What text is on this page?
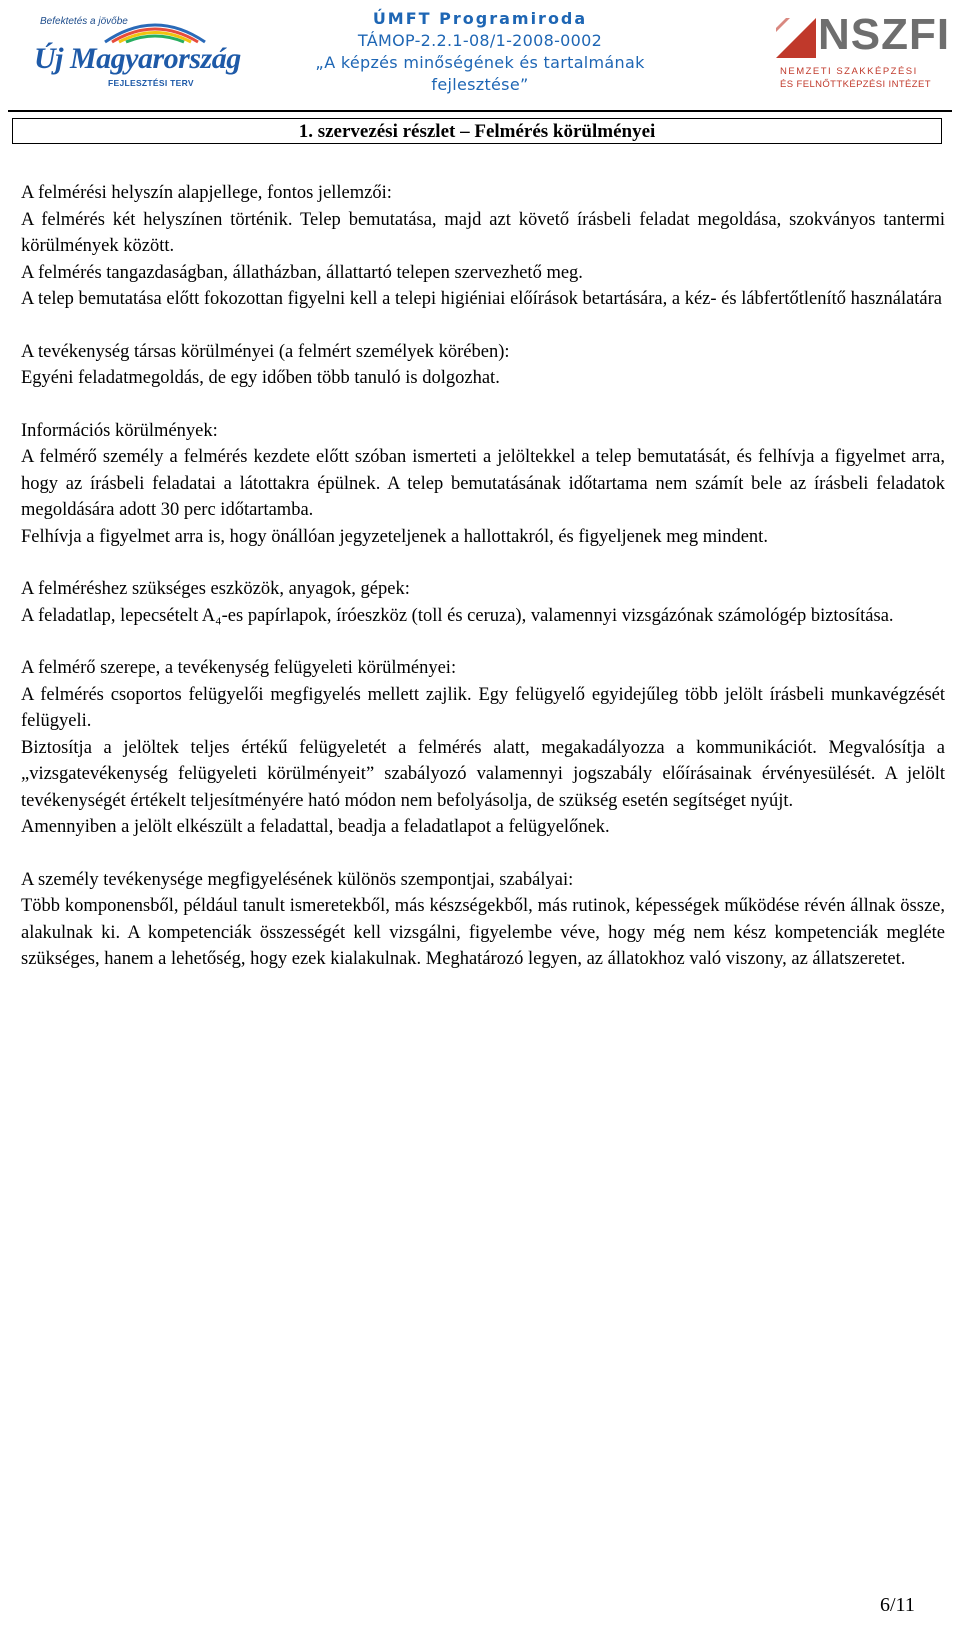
Befektetés a jövőbe
Új Magyarország
FEJLESZTÉSI TERV
ÚMFT Programiroda
TÁMOP-2.2.1-08/1-2008-0002
„A képzés minőségének és tartalmának
fejlesztése”
NSZFI
NEMZETI SZAKKÉPZÉSI
ÉS FELNŐTTKÉPZÉSI INTÉZET
1. szervezési részlet – Felmérés körülményei

A felmérési helyszín alapjellege, fontos jellemzői:

A felmérés két helyszínen történik. Telep bemutatása, majd azt követő írásbeli feladat megoldása, szokványos tantermi körülmények között.

A felmérés tangazdaságban, állatházban, állattartó telepen szervezhető meg.

A telep bemutatása előtt fokozottan figyelni kell a telepi higiéniai előírások betartására, a kéz- és lábfertőtlenítő használatára

A tevékenység társas körülményei (a felmért személyek körében):

Egyéni feladatmegoldás, de egy időben több tanuló is dolgozhat.

Információs körülmények:

A felmérő személy a felmérés kezdete előtt szóban ismerteti a jelöltekkel a telep bemutatását, és felhívja a figyelmet arra, hogy az írásbeli feladatai a látottakra épülnek. A telep bemutatásának időtartama nem számít bele az írásbeli feladatok megoldására adott 30 perc időtartamba.

Felhívja a figyelmet arra is, hogy önállóan jegyzeteljenek a hallottakról, és figyeljenek meg mindent.

A felméréshez szükséges eszközök, anyagok, gépek:

A feladatlap, lepecsételt A₄-es papírlapok, íróeszköz (toll és ceruza), valamennyi vizsgázónak számológép biztosítása.

A felmérő szerepe, a tevékenység felügyeleti körülményei:

A felmérés csoportos felügyelői megfigyelés mellett zajlik. Egy felügyelő egyidejűleg több jelölt írásbeli munkavégzését felügyeli.

Biztosítja a jelöltek teljes értékű felügyeletét a felmérés alatt, megakadályozza a kommunikációt. Megvalósítja a „vizsgatevékenység felügyeleti körülményeit” szabályozó valamennyi jogszabály előírásainak érvényesülését. A jelölt tevékenységét értékelt teljesítményére ható módon nem befolyásolja, de szükség esetén segítséget nyújt.

Amennyiben a jelölt elkészült a feladattal, beadja a feladatlapot a felügyelőnek.

A személy tevékenysége megfigyelésének különös szempontjai, szabályai:

Több komponensből, például tanult ismeretekből, más készségekből, más rutinok, képességek működése révén állnak össze, alakulnak ki. A kompetenciák összességét kell vizsgálni, figyelembe véve, hogy még nem kész kompetenciák megléte szükséges, hanem a lehetőség, hogy ezek kialakulnak. Meghatározó legyen, az állatokhoz való viszony, az állatszeretet.

6/11
